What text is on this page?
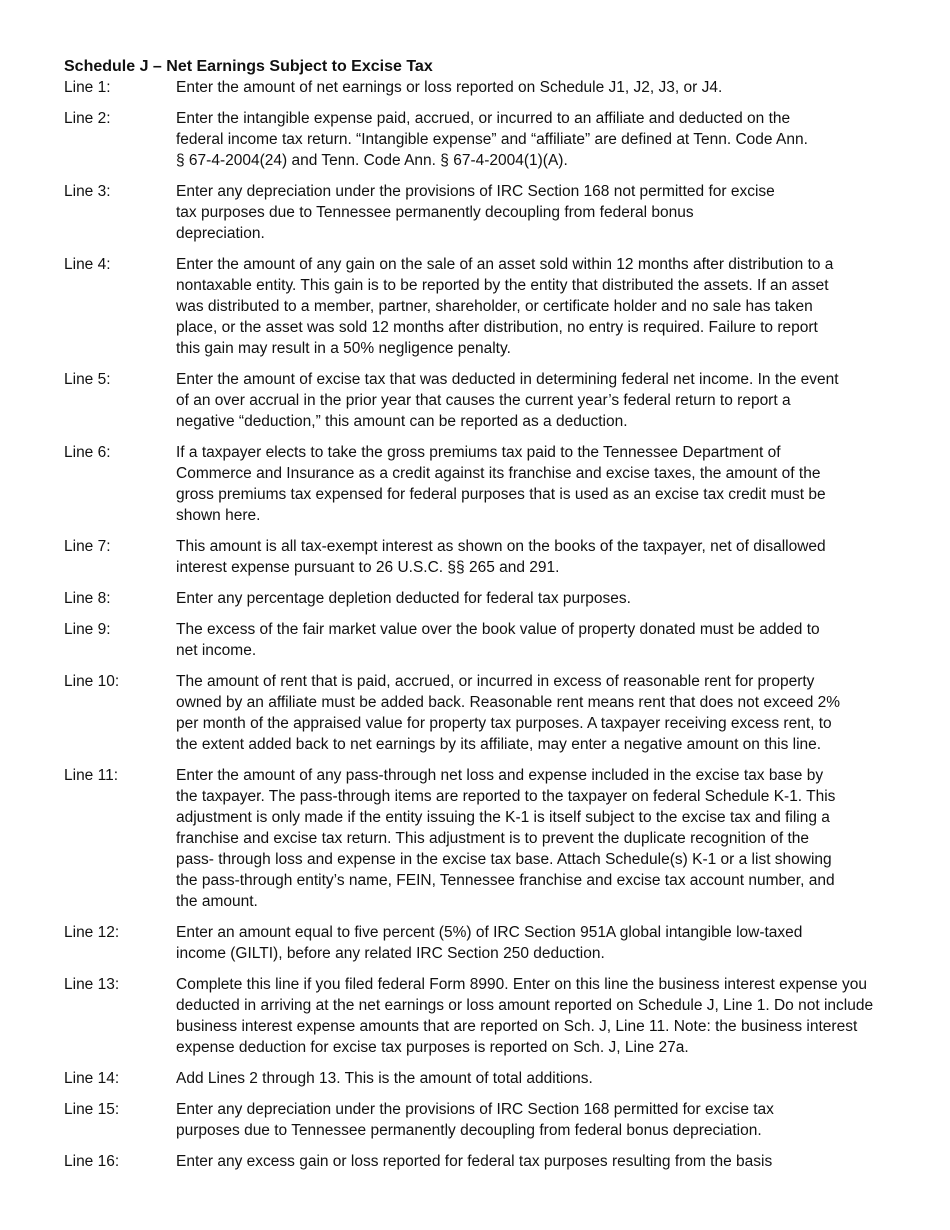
Schedule J – Net Earnings Subject to Excise Tax
Line 1:	Enter the amount of net earnings or loss reported on Schedule J1, J2, J3, or J4.
Line 2:	Enter the intangible expense paid, accrued, or incurred to an affiliate and deducted on the
federal income tax return. “Intangible expense” and “affiliate” are defined at Tenn. Code Ann.
§ 67-4-2004(24) and Tenn. Code Ann. § 67-4-2004(1)(A).
Line 3:	Enter any depreciation under the provisions of IRC Section 168 not permitted for excise
tax purposes due to Tennessee permanently decoupling from federal bonus
depreciation.
Line 4:	Enter the amount of any gain on the sale of an asset sold within 12 months after distribution to a
nontaxable entity. This gain is to be reported by the entity that distributed the assets. If an asset
was distributed to a member, partner, shareholder, or certificate holder and no sale has taken
place, or the asset was sold 12 months after distribution, no entry is required. Failure to report
this gain may result in a 50% negligence penalty.
Line 5:	Enter the amount of excise tax that was deducted in determining federal net income. In the event
of an over accrual in the prior year that causes the current year’s federal return to report a
negative “deduction,” this amount can be reported as a deduction.
Line 6:	If a taxpayer elects to take the gross premiums tax paid to the Tennessee Department of
Commerce and Insurance as a credit against its franchise and excise taxes, the amount of the
gross premiums tax expensed for federal purposes that is used as an excise tax credit must be
shown here.
Line 7:	This amount is all tax-exempt interest as shown on the books of the taxpayer, net of disallowed
interest expense pursuant to 26 U.S.C. §§ 265 and 291.
Line 8:	Enter any percentage depletion deducted for federal tax purposes.
Line 9:	The excess of the fair market value over the book value of property donated must be added to
net income.
Line 10:	The amount of rent that is paid, accrued, or incurred in excess of reasonable rent for property
owned by an affiliate must be added back. Reasonable rent means rent that does not exceed 2%
per month of the appraised value for property tax purposes. A taxpayer receiving excess rent, to
the extent added back to net earnings by its affiliate, may enter a negative amount on this line.
Line 11:	Enter the amount of any pass-through net loss and expense included in the excise tax base by
the taxpayer. The pass-through items are reported to the taxpayer on federal Schedule K-1. This
adjustment is only made if the entity issuing the K-1 is itself subject to the excise tax and filing a
franchise and excise tax return. This adjustment is to prevent the duplicate recognition of the
pass- through loss and expense in the excise tax base. Attach Schedule(s) K-1 or a list showing
the pass-through entity’s name, FEIN, Tennessee franchise and excise tax account number, and
the amount.
Line 12:	Enter an amount equal to five percent (5%) of IRC Section 951A global intangible low-taxed
income (GILTI), before any related IRC Section 250 deduction.
Line 13:	Complete this line if you filed federal Form 8990. Enter on this line the business interest expense you
deducted in arriving at the net earnings or loss amount reported on Schedule J, Line 1. Do not include
business interest expense amounts that are reported on Sch. J, Line 11. Note: the business interest
expense deduction for excise tax purposes is reported on Sch. J, Line 27a.
Line 14:	Add Lines 2 through 13. This is the amount of total additions.
Line 15:	Enter any depreciation under the provisions of IRC Section 168 permitted for excise tax
purposes due to Tennessee permanently decoupling from federal bonus depreciation.
Line 16:	Enter any excess gain or loss reported for federal tax purposes resulting from the basis
